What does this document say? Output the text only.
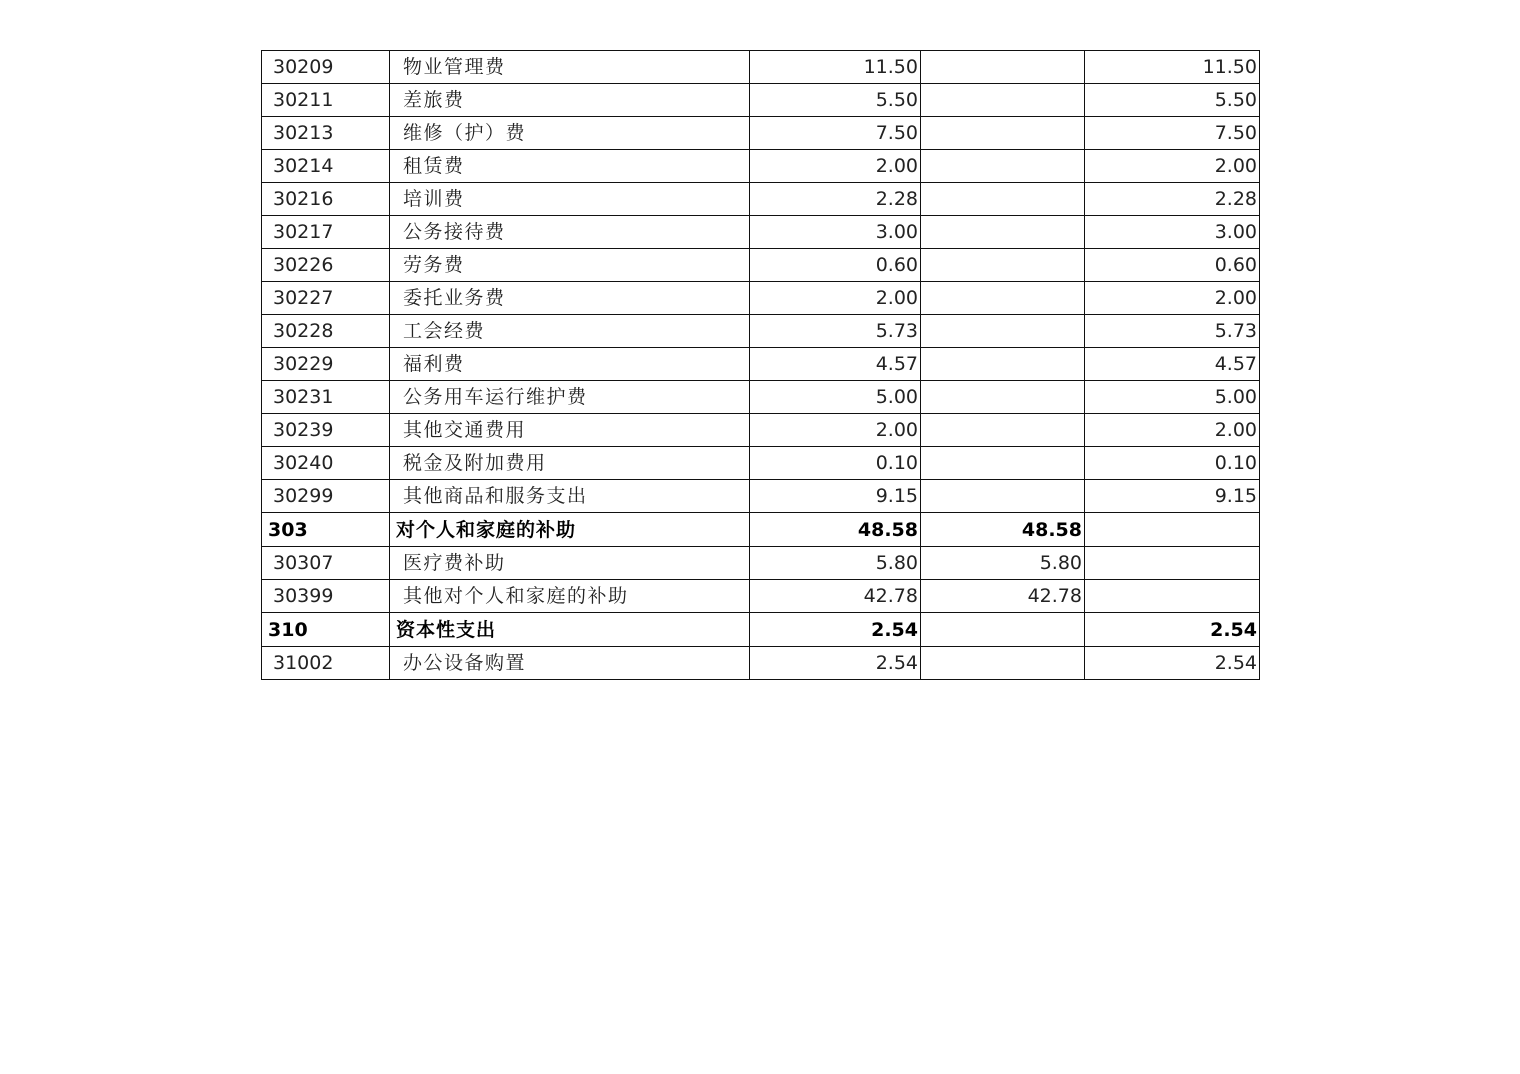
30209	物业管理费	11.50		11.50
30211	差旅费	5.50		5.50
30213	维修（护）费	7.50		7.50
30214	租赁费	2.00		2.00
30216	培训费	2.28		2.28
30217	公务接待费	3.00		3.00
30226	劳务费	0.60		0.60
30227	委托业务费	2.00		2.00
30228	工会经费	5.73		5.73
30229	福利费	4.57		4.57
30231	公务用车运行维护费	5.00		5.00
30239	其他交通费用	2.00		2.00
30240	税金及附加费用	0.10		0.10
30299	其他商品和服务支出	9.15		9.15
303	对个人和家庭的补助	48.58	48.58	
30307	医疗费补助	5.80	5.80	
30399	其他对个人和家庭的补助	42.78	42.78	
310	资本性支出	2.54		2.54
31002	办公设备购置	2.54		2.54
